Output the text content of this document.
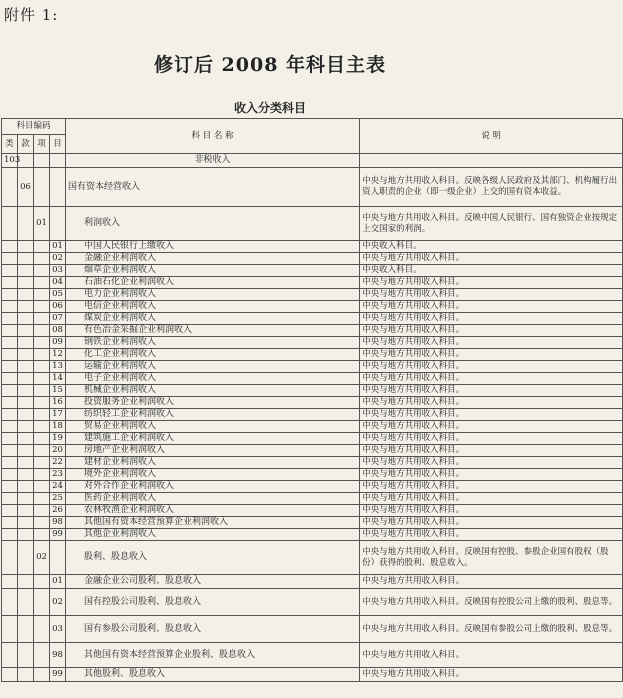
附件 1:
修订后 2008 年科目主表
收入分类科目
科目编码				科 目 名 称	说 明
类	款	项	目		
103				非税收入	
	06			国有资本经营收入	中央与地方共用收入科目。反映各级人民政府及其部门、机构履行出资人职责的企业（即一级企业）上交的国有资本收益。
		01		利润收入	中央与地方共用收入科目。反映中国人民银行、国有独资企业按规定上交国家的利润。
			01	中国人民银行上缴收入	中央收入科目。
			02	金融企业利润收入	中央与地方共用收入科目。
			03	烟草企业利润收入	中央收入科目。
			04	石油石化企业利润收入	中央与地方共用收入科目。
			05	电力企业利润收入	中央与地方共用收入科目。
			06	电信企业利润收入	中央与地方共用收入科目。
			07	煤炭企业利润收入	中央与地方共用收入科目。
			08	有色冶金采掘企业利润收入	中央与地方共用收入科目。
			09	钢铁企业利润收入	中央与地方共用收入科目。
			12	化工企业利润收入	中央与地方共用收入科目。
			13	运输企业利润收入	中央与地方共用收入科目。
			14	电子企业利润收入	中央与地方共用收入科目。
			15	机械企业利润收入	中央与地方共用收入科目。
			16	投资服务企业利润收入	中央与地方共用收入科目。
			17	纺织轻工企业利润收入	中央与地方共用收入科目。
			18	贸易企业利润收入	中央与地方共用收入科目。
			19	建筑施工企业利润收入	中央与地方共用收入科目。
			20	房地产企业利润收入	中央与地方共用收入科目。
			22	建材企业利润收入	中央与地方共用收入科目。
			23	境外企业利润收入	中央与地方共用收入科目。
			24	对外合作企业利润收入	中央与地方共用收入科目。
			25	医药企业利润收入	中央与地方共用收入科目。
			26	农林牧渔企业利润收入	中央与地方共用收入科目。
			98	其他国有资本经营预算企业利润收入	中央与地方共用收入科目。
			99	其他企业利润收入	中央与地方共用收入科目。
		02		股利、股息收入	中央与地方共用收入科目。反映国有控股、参股企业国有股权（股份）获得的股利、股息收入。
			01	金融企业公司股利、股息收入	中央与地方共用收入科目。
			02	国有控股公司股利、股息收入	中央与地方共用收入科目。反映国有控股公司上缴的股利、股息等。
			03	国有参股公司股利、股息收入	中央与地方共用收入科目。反映国有参股公司上缴的股利、股息等。
			98	其他国有资本经营预算企业股利、股息收入	中央与地方共用收入科目。
			99	其他股利、股息收入	中央与地方共用收入科目。
